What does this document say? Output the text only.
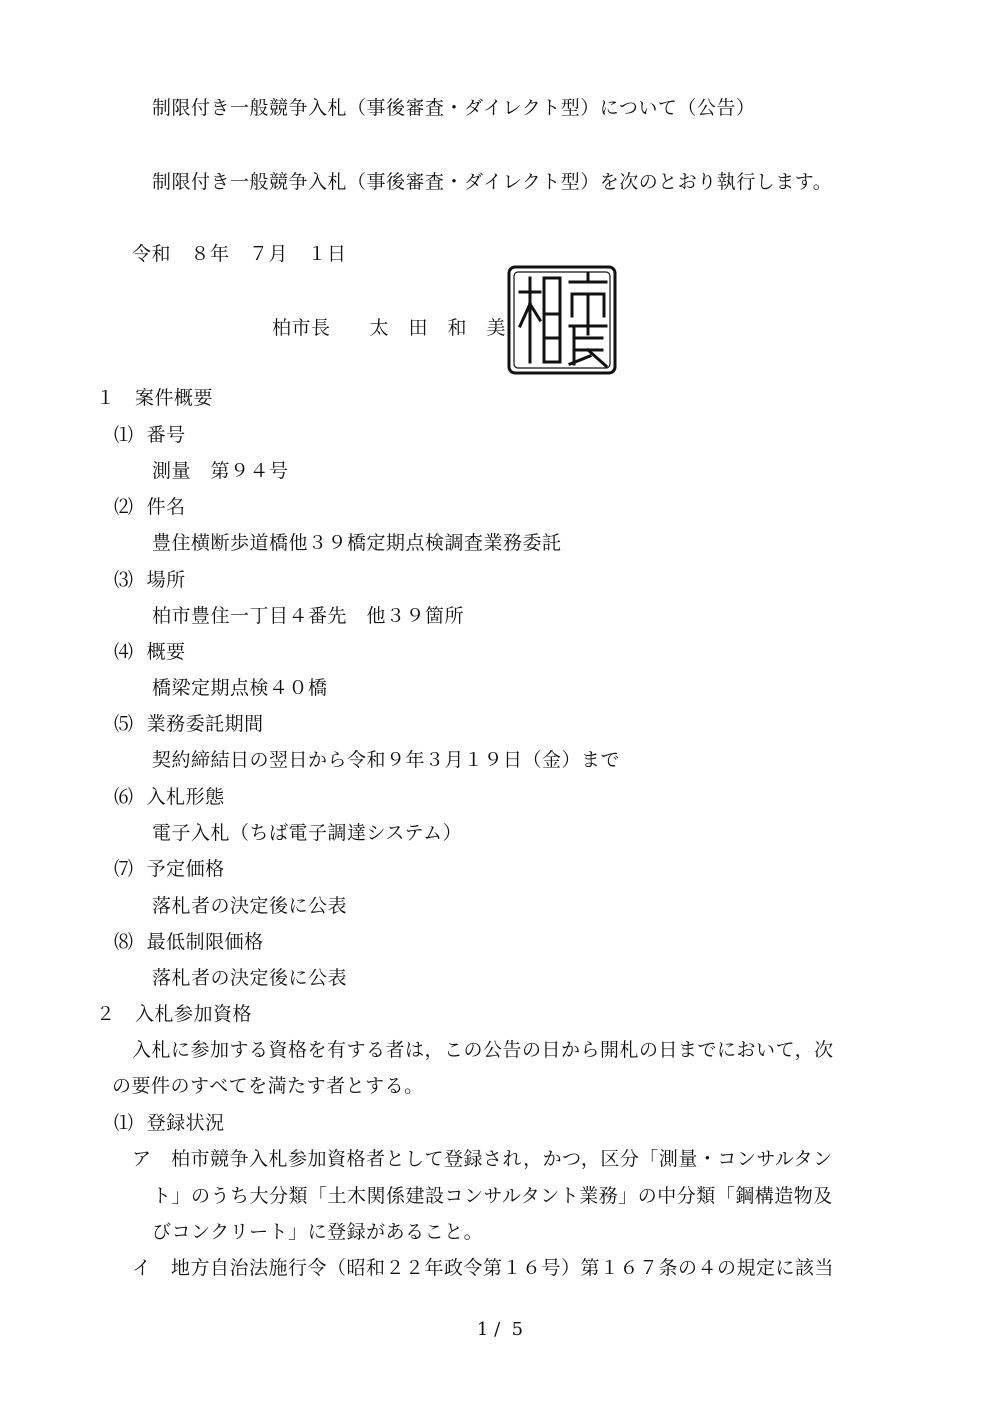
制限付き一般競争入札（事後審査・ダイレクト型）について（公告）
制限付き一般競争入札（事後審査・ダイレクト型）を次のとおり執行します。
令和　８年　７月　１日
柏市長　　太　田　和　美
１　案件概要
⑴  番号
測量　第９４号
⑵  件名
豊住横断歩道橋他３９橋定期点検調査業務委託
⑶  場所
柏市豊住一丁目４番先　他３９箇所
⑷  概要
橋梁定期点検４０橋
⑸  業務委託期間
契約締結日の翌日から令和９年３月１９日（金）まで
⑹  入札形態
電子入札（ちば電子調達システム）
⑺  予定価格
落札者の決定後に公表
⑻  最低制限価格
落札者の決定後に公表
２　入札参加資格
入札に参加する資格を有する者は，この公告の日から開札の日までにおいて，次
の要件のすべてを満たす者とする。
⑴  登録状況
ア　柏市競争入札参加資格者として登録され，かつ，区分「測量・コンサルタン
ト」のうち大分類「土木関係建設コンサルタント業務」の中分類「鋼構造物及
びコンクリート」に登録があること。
イ　地方自治法施行令（昭和２２年政令第１６号）第１６７条の４の規定に該当
1 /  5
